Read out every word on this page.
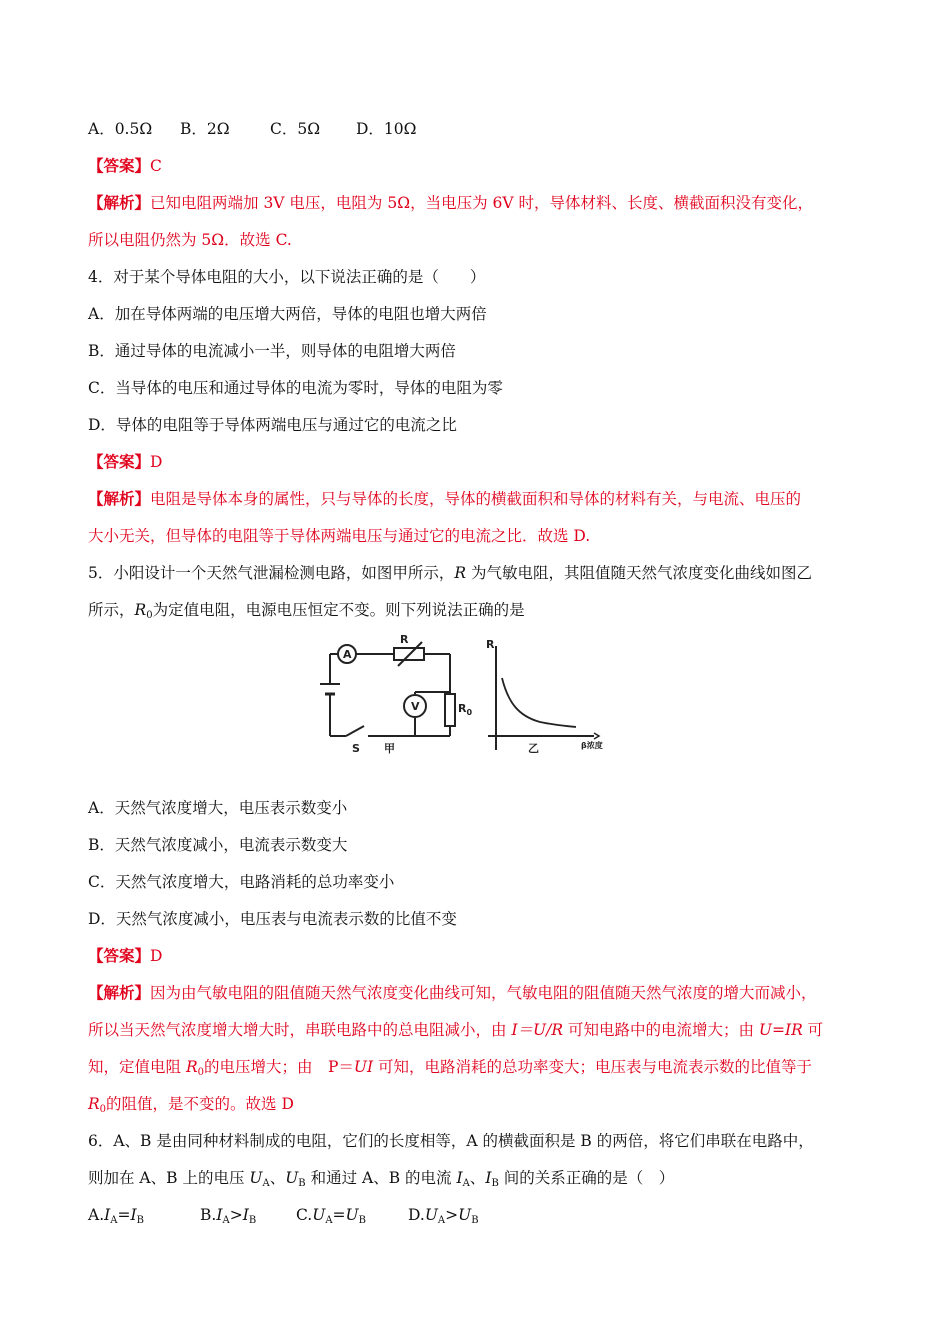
A．0.5Ω B．2Ω	C．5Ω D．10Ω
【答案】C
【解析】已知电阻两端加 3V 电压，电阻为 5Ω，当电压为 6V 时，导体材料、长度、横截面积没有变化，
所以电阻仍然为 5Ω．故选 C.
4．对于某个导体电阻的大小，以下说法正确的是（　　）
A．加在导体两端的电压增大两倍，导体的电阻也增大两倍
B．通过导体的电流减小一半，则导体的电阻增大两倍
C．当导体的电压和通过导体的电流为零时，导体的电阻为零
D．导体的电阻等于导体两端电压与通过它的电流之比
【答案】D
【解析】电阻是导体本身的属性，只与导体的长度，导体的横截面积和导体的材料有关，与电流、电压的
大小无关，但导体的电阻等于导体两端电压与通过它的电流之比．故选 D.
5．小阳设计一个天然气泄漏检测电路，如图甲所示，R 为气敏电阻，其阻值随天然气浓度变化曲线如图乙
所示，$R_0$为定值电阻，电源电压恒定不变。则下列说法正确的是
A
V
R
$R_0$
S 甲
R
β浓度
乙
A．天然气浓度增大，电压表示数变小
B．天然气浓度减小，电流表示数变大
C．天然气浓度增大，电路消耗的总功率变小
D．天然气浓度减小，电压表与电流表示数的比值不变
【答案】D
【解析】因为由气敏电阻的阻值随天然气浓度变化曲线可知，气敏电阻的阻值随天然气浓度的增大而减小，
所以当天然气浓度增大增大时，串联电路中的总电阻减小，由 I＝U/R 可知电路中的电流增大；由 U=IR 可
知，定值电阻 $R_0$的电压增大；由　P＝UI 可知，电路消耗的总功率变大；电压表与电流表示数的比值等于
$R_0$的阻值，是不变的。故选 D
6．A、B 是由同种材料制成的电阻，它们的长度相等，A 的横截面积是 B 的两倍，将它们串联在电路中，
则加在 A、B 上的电压 $U_A$、$U_B$ 和通过 A、B 的电流 $I_A$、$I_B$ 间的关系正确的是（　）
$A.I_A=I_B$	$B.I_A>I_B$	$C.U_A=U_B$	$D.U_A>U_B$
